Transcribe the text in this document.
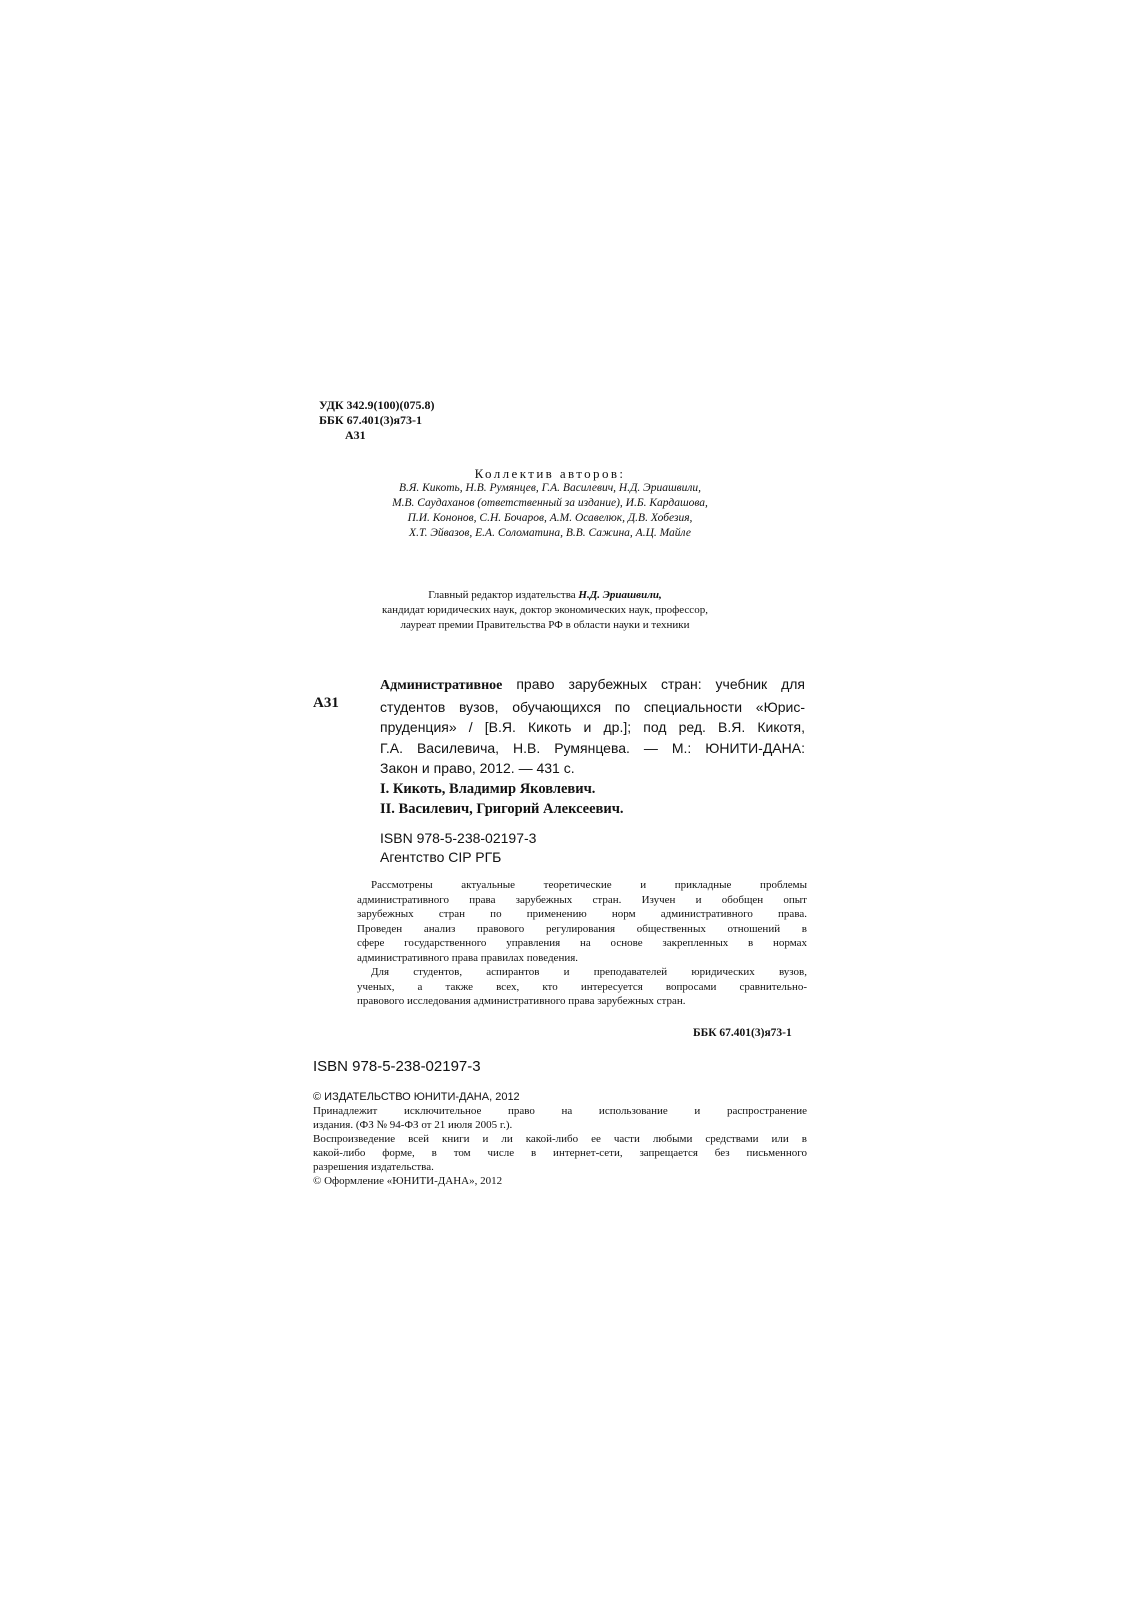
УДК 342.9(100)(075.8)
ББК 67.401(3)я73-1
А31
Коллектив авторов:
В.Я. Кикоть, Н.В. Румянцев, Г.А. Василевич, Н.Д. Эриашвили,
М.В. Саудаханов (ответственный за издание), И.Б. Кардашова,
П.И. Кононов, С.Н. Бочаров, А.М. Осавелюк, Д.В. Хобезия,
Х.Т. Эйвазов, Е.А. Соломатина, В.В. Сажина, А.Ц. Майле
Главный редактор издательства Н.Д. Эриашвили,
кандидат юридических наук, доктор экономических наук, профессор,
лауреат премии Правительства РФ в области науки и техники
А31
Административное право зарубежных стран: учебник для
студентов вузов, обучающихся по специальности «Юрис-
пруденция» / [В.Я. Кикоть и др.]; под ред. В.Я. Кикотя,
Г.А. Василевича, Н.В. Румянцева. — М.: ЮНИТИ-ДАНА:
Закон и право, 2012. — 431 с.
I. Кикоть, Владимир Яковлевич.
II. Василевич, Григорий Алексеевич.
ISBN 978-5-238-02197-3
Агентство CIP РГБ
Рассмотрены актуальные теоретические и прикладные проблемы
административного права зарубежных стран. Изучен и обобщен опыт
зарубежных стран по применению норм административного права.
Проведен анализ правового регулирования общественных отношений в
сфере государственного управления на основе закрепленных в нормах
административного права правилах поведения.
Для студентов, аспирантов и преподавателей юридических вузов,
ученых, а также всех, кто интересуется вопросами сравнительно-
правового исследования административного права зарубежных стран.
ББК 67.401(3)я73-1
ISBN 978-5-238-02197-3
© ИЗДАТЕЛЬСТВО ЮНИТИ-ДАНА, 2012
Принадлежит исключительное право на использование и распространение
издания. (ФЗ № 94-ФЗ от 21 июля 2005 г.).
Воспроизведение всей книги и ли какой-либо ее части любыми средствами или в
какой-либо форме, в том числе в интернет-сети, запрещается без письменного
разрешения издательства.
© Оформление «ЮНИТИ-ДАНА», 2012
